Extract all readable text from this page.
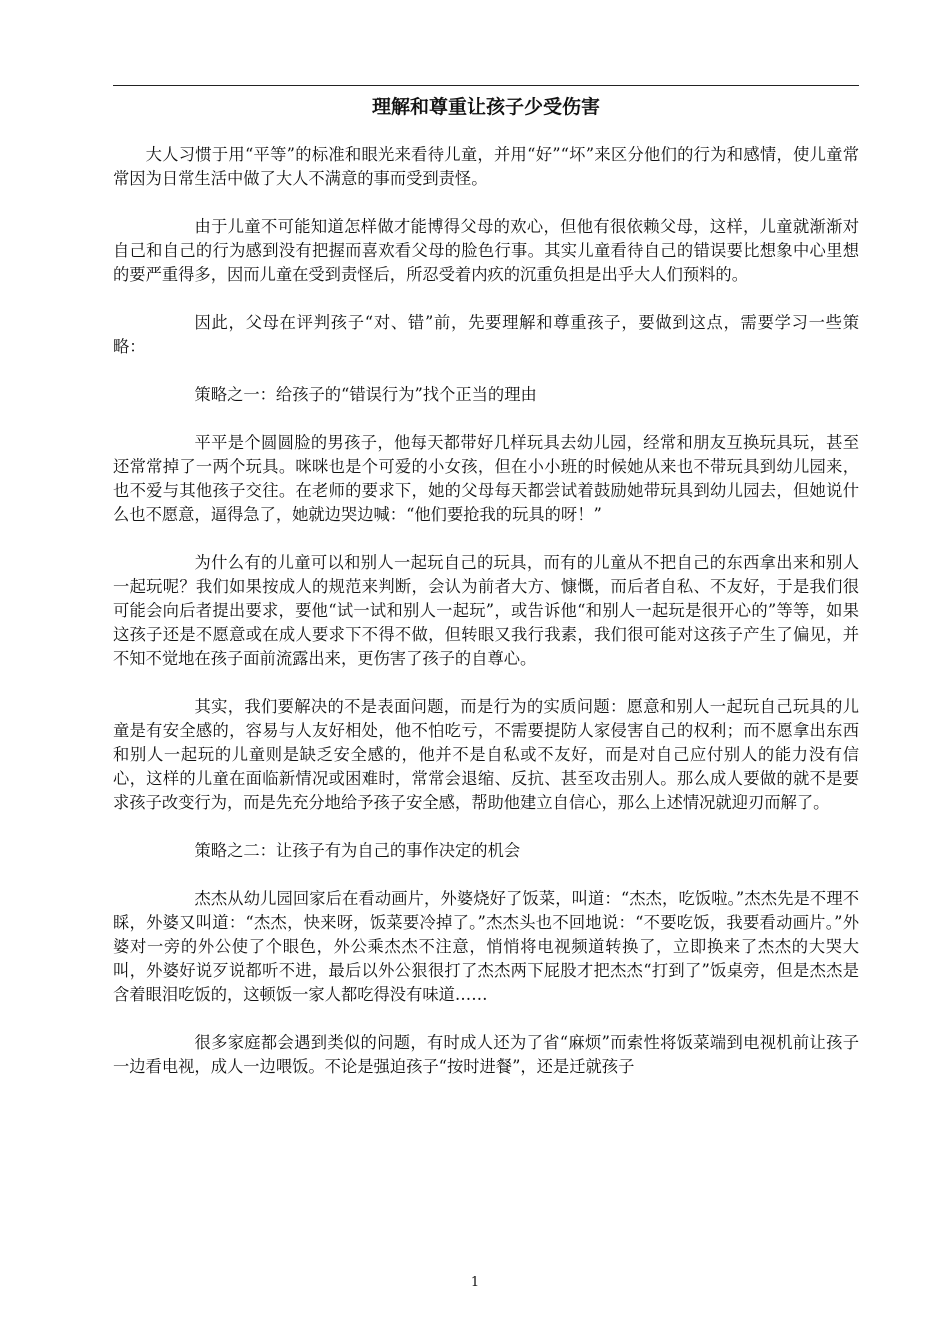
理解和尊重让孩子少受伤害

大人习惯于用“平等”的标准和眼光来看待儿童，并用“好”“坏”来区分他们的行为和感情，使儿童常常因为日常生活中做了大人不满意的事而受到责怪。

由于儿童不可能知道怎样做才能博得父母的欢心，但他有很依赖父母，这样，儿童就渐渐对自己和自己的行为感到没有把握而喜欢看父母的脸色行事。其实儿童看待自己的错误要比想象中心里想的要严重得多，因而儿童在受到责怪后，所忍受着内疚的沉重负担是出乎大人们预料的。

因此，父母在评判孩子“对、错”前，先要理解和尊重孩子，要做到这点，需要学习一些策略：

策略之一：给孩子的“错误行为”找个正当的理由

平平是个圆圆脸的男孩子，他每天都带好几样玩具去幼儿园，经常和朋友互换玩具玩，甚至还常常掉了一两个玩具。咪咪也是个可爱的小女孩，但在小小班的时候她从来也不带玩具到幼儿园来，也不爱与其他孩子交往。在老师的要求下，她的父母每天都尝试着鼓励她带玩具到幼儿园去，但她说什么也不愿意，逼得急了，她就边哭边喊：“他们要抢我的玩具的呀！”

为什么有的儿童可以和别人一起玩自己的玩具，而有的儿童从不把自己的东西拿出来和别人一起玩呢？我们如果按成人的规范来判断，会认为前者大方、慷慨，而后者自私、不友好，于是我们很可能会向后者提出要求，要他“试一试和别人一起玩”，或告诉他“和别人一起玩是很开心的”等等，如果这孩子还是不愿意或在成人要求下不得不做，但转眼又我行我素，我们很可能对这孩子产生了偏见，并不知不觉地在孩子面前流露出来，更伤害了孩子的自尊心。

其实，我们要解决的不是表面问题，而是行为的实质问题：愿意和别人一起玩自己玩具的儿童是有安全感的，容易与人友好相处，他不怕吃亏，不需要提防人家侵害自己的权利；而不愿拿出东西和别人一起玩的儿童则是缺乏安全感的，他并不是自私或不友好，而是对自己应付别人的能力没有信心，这样的儿童在面临新情况或困难时，常常会退缩、反抗、甚至攻击别人。那么成人要做的就不是要求孩子改变行为，而是先充分地给予孩子安全感，帮助他建立自信心，那么上述情况就迎刃而解了。

策略之二：让孩子有为自己的事作决定的机会

杰杰从幼儿园回家后在看动画片，外婆烧好了饭菜，叫道：“杰杰，吃饭啦。”杰杰先是不理不睬，外婆又叫道：“杰杰，快来呀，饭菜要冷掉了。”杰杰头也不回地说：“不要吃饭，我要看动画片。”外婆对一旁的外公使了个眼色，外公乘杰杰不注意，悄悄将电视频道转换了，立即换来了杰杰的大哭大叫，外婆好说歹说都听不进，最后以外公狠很打了杰杰两下屁股才把杰杰“打到了”饭桌旁，但是杰杰是含着眼泪吃饭的，这顿饭一家人都吃得没有味道……

很多家庭都会遇到类似的问题，有时成人还为了省“麻烦”而索性将饭菜端到电视机前让孩子一边看电视，成人一边喂饭。不论是强迫孩子“按时进餐”，还是迁就孩子

1
